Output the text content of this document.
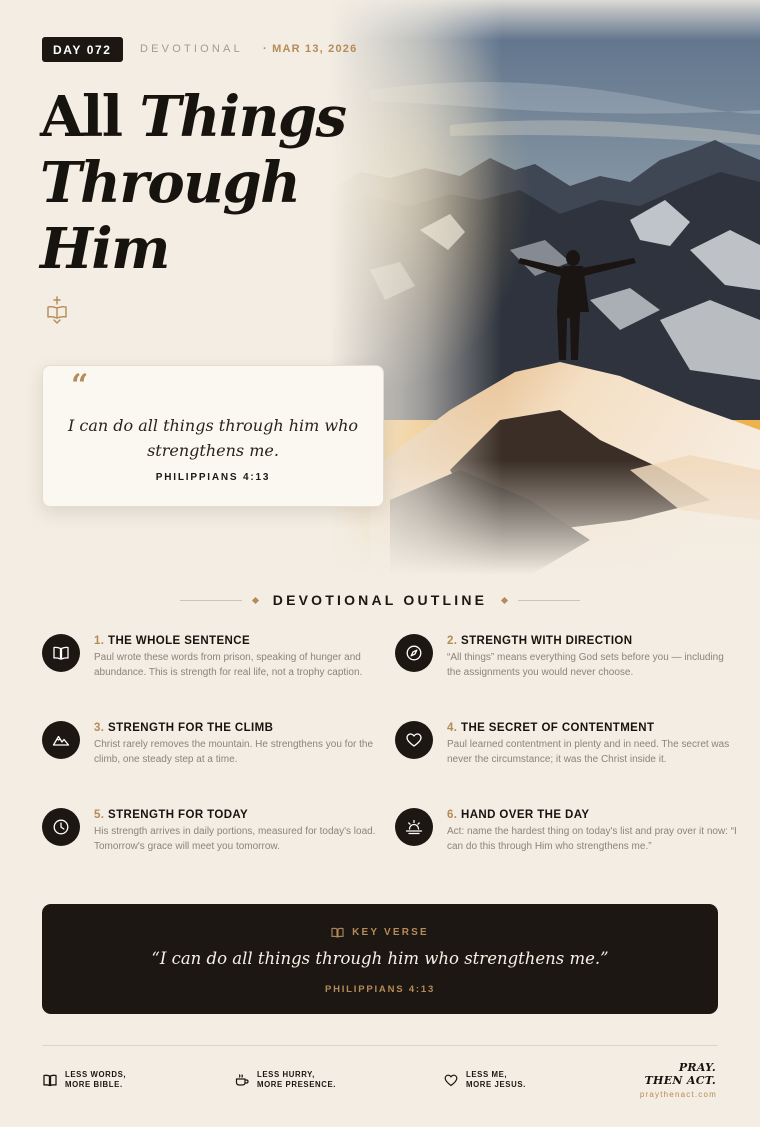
DAY 072	DEVOTIONAL · MAR 13, 2026
All Things
Through
Him
“

I can do all things through him who strengthens me.

PHILIPPIANS 4:13
DEVOTIONAL OUTLINE

1. THE WHOLE SENTENCE

Paul wrote these words from prison, speaking of hunger and abundance. This is strength for real life, not a trophy caption.

2. STRENGTH WITH DIRECTION

“All things” means everything God sets before you — including the assignments you would never choose.

3. STRENGTH FOR THE CLIMB

Christ rarely removes the mountain. He strengthens you for the climb, one steady step at a time.

4. THE SECRET OF CONTENTMENT

Paul learned contentment in plenty and in need. The secret was never the circumstance; it was the Christ inside it.

5. STRENGTH FOR TODAY

His strength arrives in daily portions, measured for today's load. Tomorrow's grace will meet you tomorrow.

6. HAND OVER THE DAY

Act: name the hardest thing on today's list and pray over it now: “I can do this through Him who strengthens me.”

KEY VERSE

“I can do all things through him who strengthens me.”

PHILIPPIANS 4:13
LESS WORDS,
MORE BIBLE.
LESS HURRY,
MORE PRESENCE.
LESS ME,
MORE JESUS.

PRAY.

THEN ACT.

praythenact.com
